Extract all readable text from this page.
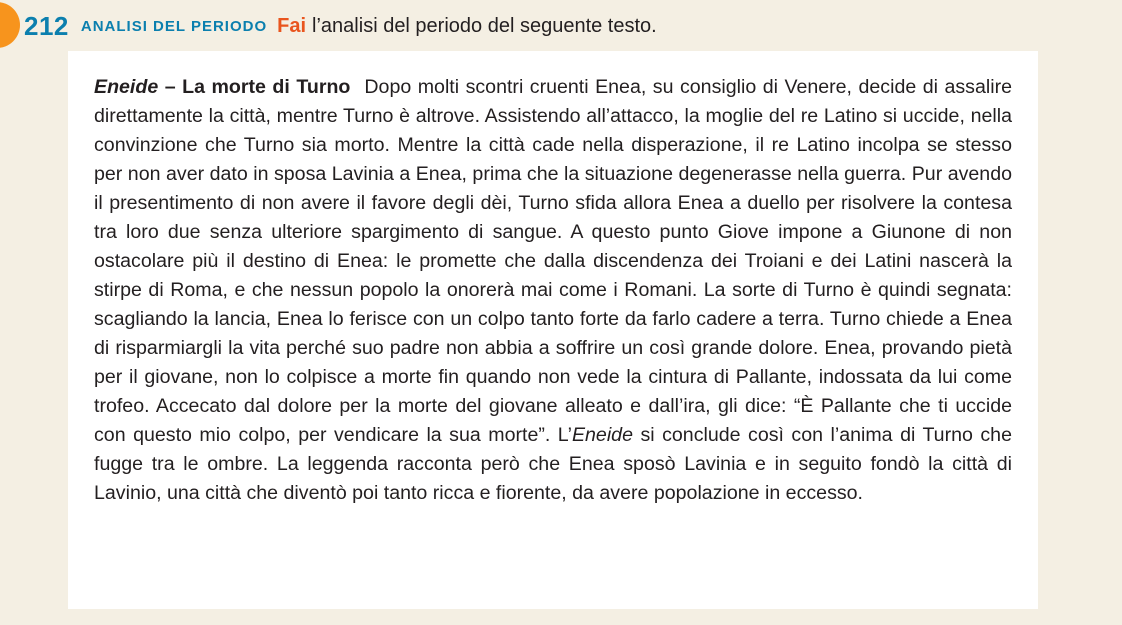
212 ANALISI DEL PERIODO Fai l’analisi del periodo del seguente testo.

Eneide – La morte di Turno Dopo molti scontri cruenti Enea, su consiglio di Venere, decide di assalire direttamente la città, mentre Turno è altrove. Assistendo all’attacco, la moglie del re Latino si uccide, nella convinzione che Turno sia morto. Mentre la città cade nella disperazione, il re Latino incolpa se stesso per non aver dato in sposa Lavinia a Enea, prima che la situazione degenerasse nella guerra. Pur avendo il presentimento di non avere il favore degli dèi, Turno sfida allora Enea a duello per risolvere la contesa tra loro due senza ulteriore spargimento di sangue. A questo punto Giove impone a Giunone di non ostacolare più il destino di Enea: le promette che dalla discendenza dei Troiani e dei Latini nascerà la stirpe di Roma, e che nessun popolo la onorerà mai come i Romani. La sorte di Turno è quindi segnata: scagliando la lancia, Enea lo ferisce con un colpo tanto forte da farlo cadere a terra. Turno chiede a Enea di risparmiargli la vita perché suo padre non abbia a soffrire un così grande dolore. Enea, provando pietà per il giovane, non lo colpisce a morte fin quando non vede la cintura di Pallante, indossata da lui come trofeo. Accecato dal dolore per la morte del giovane alleato e dall’ira, gli dice: “È Pallante che ti uccide con questo mio colpo, per vendicare la sua morte”. L’Eneide si conclude così con l’anima di Turno che fugge tra le ombre. La leggenda racconta però che Enea sposò Lavinia e in seguito fondò la città di Lavinio, una città che diventò poi tanto ricca e fiorente, da avere popolazione in eccesso.
